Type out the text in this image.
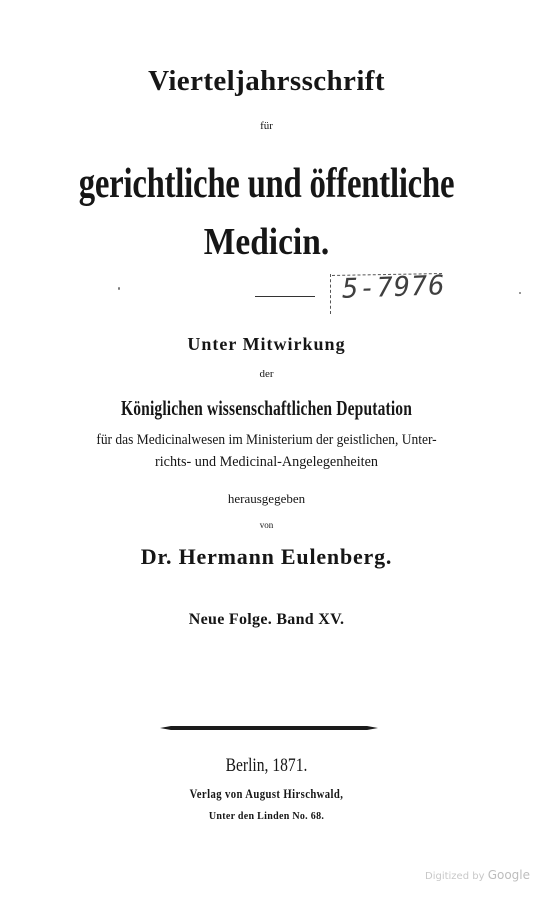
Vierteljahrsschrift
für
gerichtliche und öffentliche
Medicin.
5-7976
Unter Mitwirkung
der
Königlichen wissenschaftlichen Deputation
für das Medicinalwesen im Ministerium der geistlichen, Unter-
richts- und Medicinal-Angelegenheiten
herausgegeben
von
Dr. Hermann Eulenberg.
Neue Folge. Band XV.
Berlin, 1871.
Verlag von August Hirschwald,
Unter den Linden No. 68.
Digitized by Google
